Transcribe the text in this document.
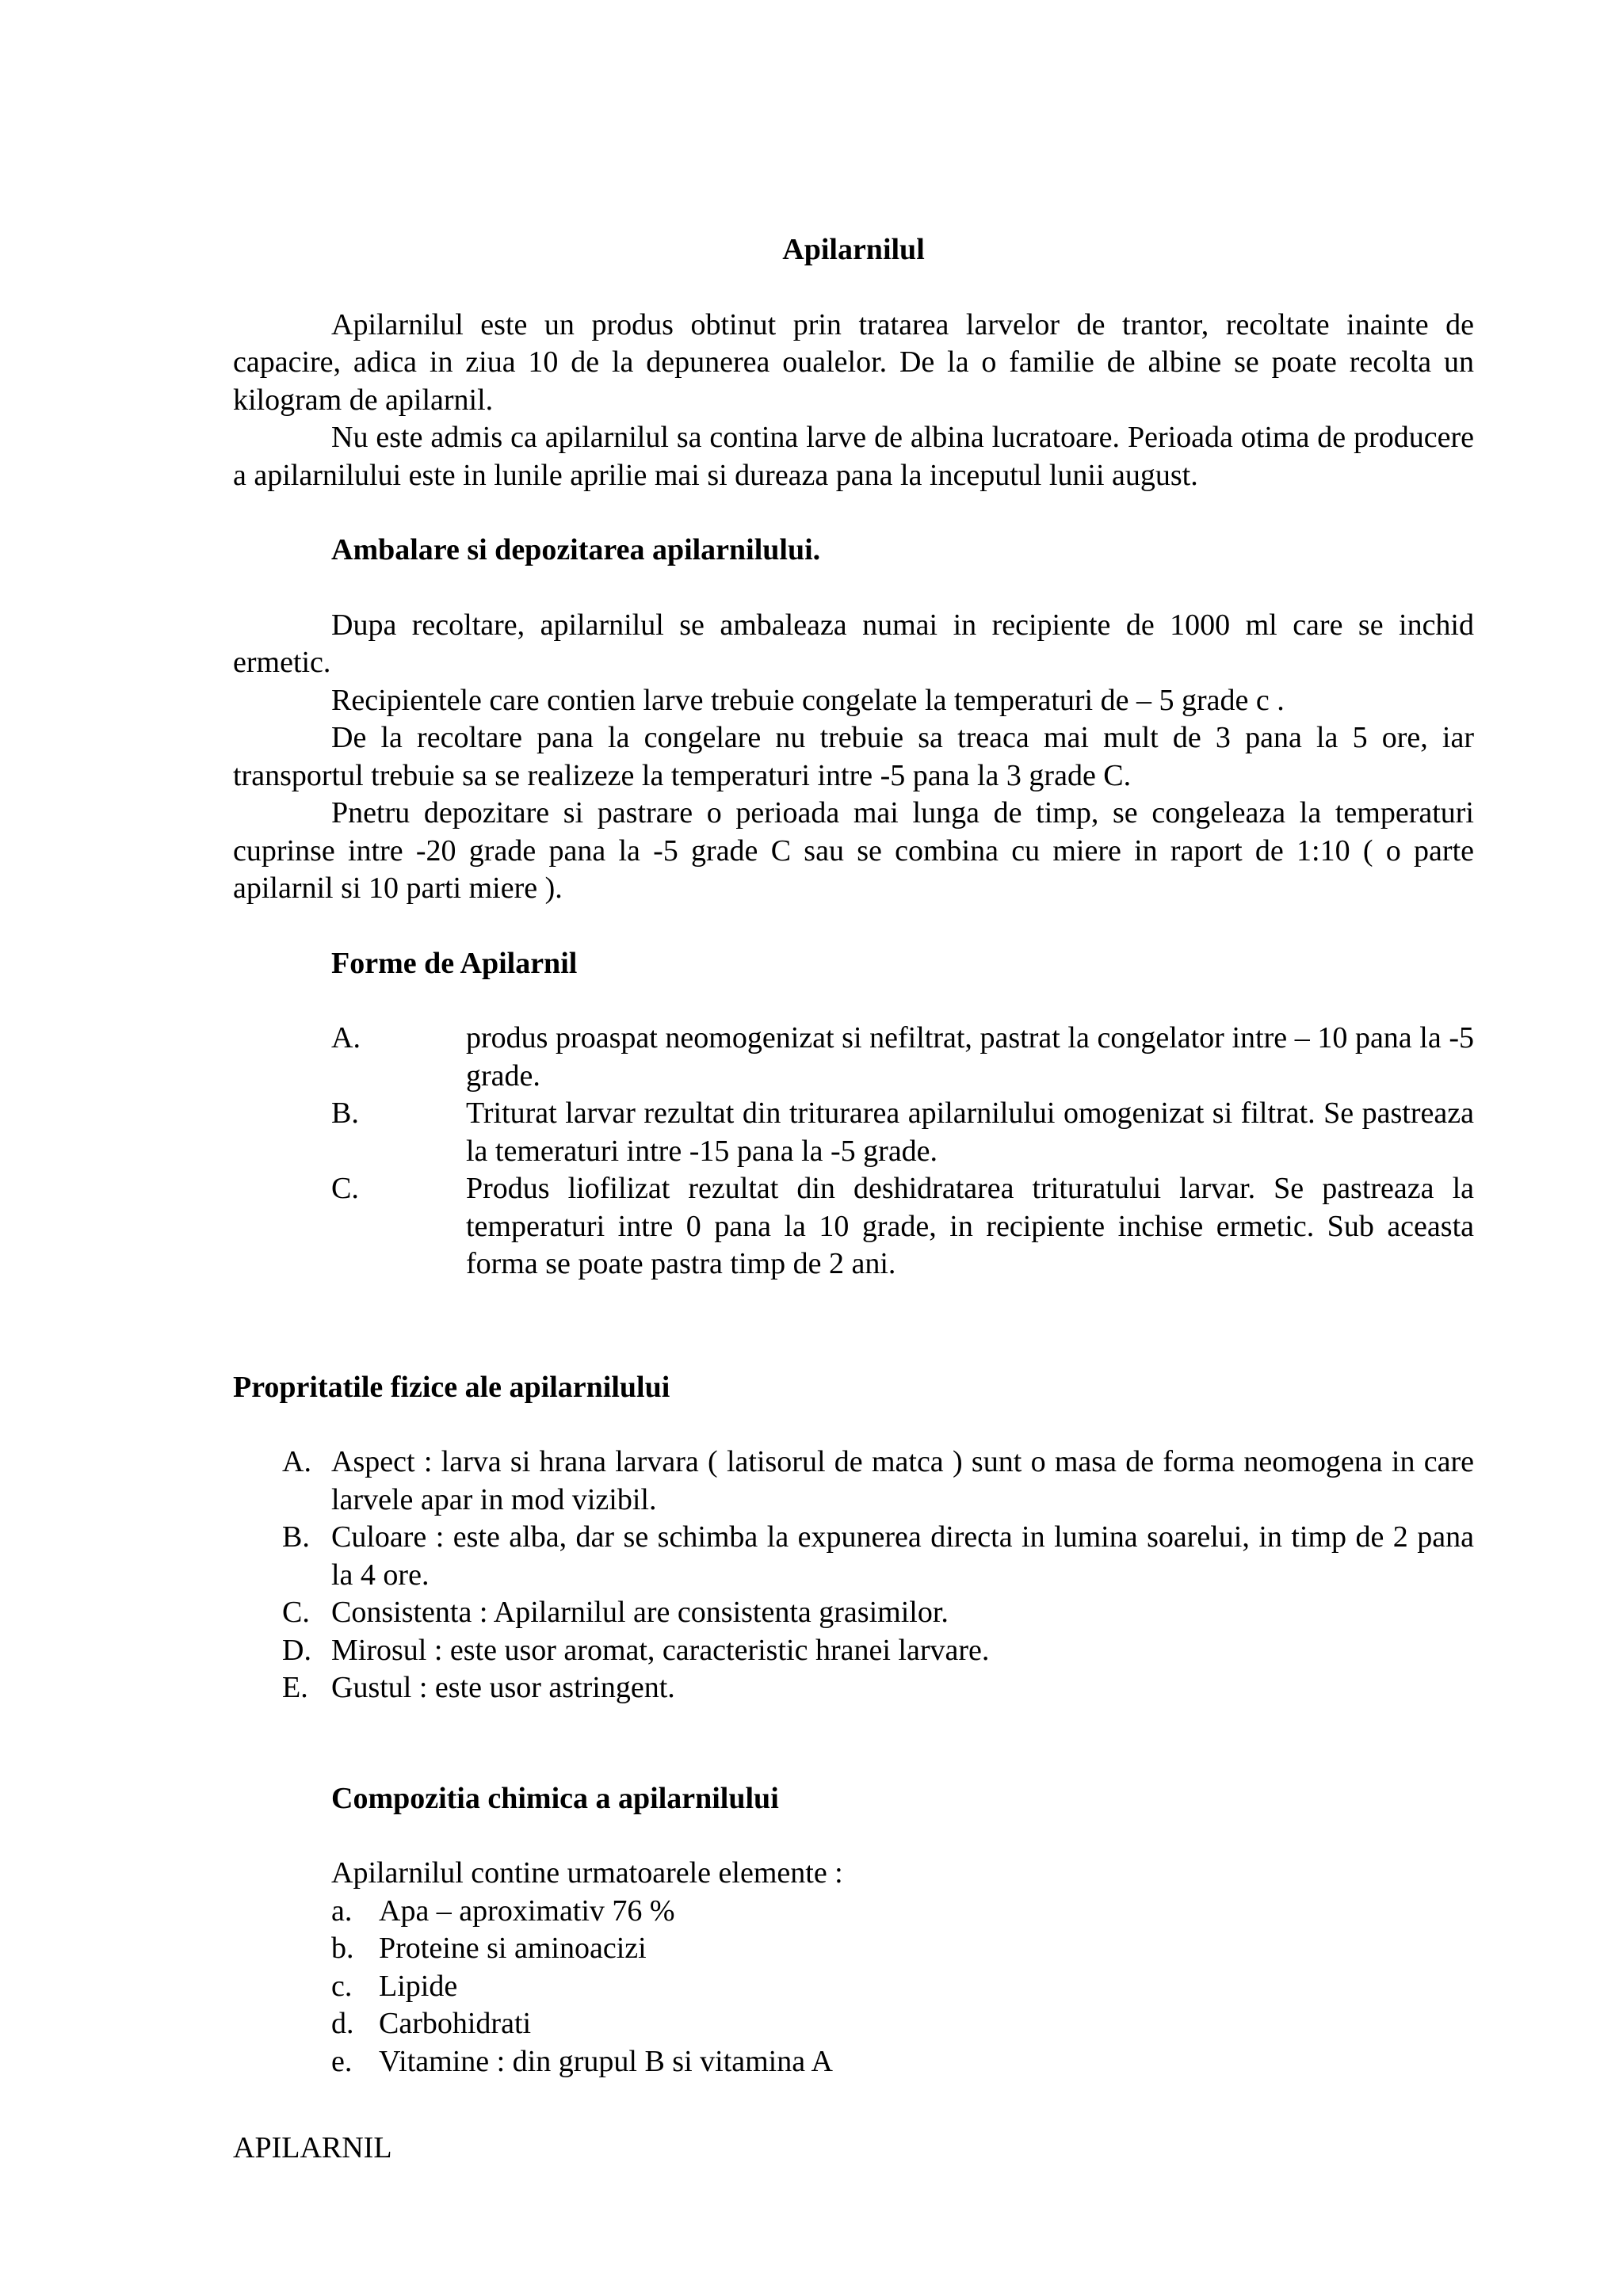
Apilarnilul

Apilarnilul este un produs obtinut prin tratarea larvelor de trantor, recoltate inainte de capacire, adica in ziua 10 de la depunerea oualelor. De la o familie de albine se poate recolta un kilogram de apilarnil.

Nu este admis ca apilarnilul sa contina larve de albina lucratoare. Perioada otima de producere a apilarnilului este in lunile aprilie mai si dureaza pana la inceputul lunii august.

Ambalare si depozitarea apilarnilului.

Dupa recoltare, apilarnilul se ambaleaza numai in recipiente de 1000 ml care se inchid ermetic.

Recipientele care contien larve trebuie congelate la temperaturi de – 5 grade c .

De la recoltare pana la congelare nu trebuie sa treaca mai mult de 3 pana la 5 ore, iar transportul trebuie sa se realizeze la temperaturi intre -5 pana la 3 grade C.

Pnetru depozitare si pastrare o perioada mai lunga de timp, se congeleaza la temperaturi cuprinse intre -20 grade pana la -5 grade C sau se combina cu miere in raport de 1:10 ( o parte apilarnil si 10 parti miere ).

Forme de Apilarnil

A.	produs proaspat neomogenizat si nefiltrat, pastrat la congelator intre – 10 pana la -5 grade.
B.	Triturat larvar rezultat din triturarea apilarnilului omogenizat si filtrat. Se pastreaza la temeraturi intre -15 pana la -5 grade.
C.	Produs liofilizat rezultat din deshidratarea trituratului larvar. Se pastreaza la temperaturi intre 0 pana la 10 grade, in recipiente inchise ermetic. Sub aceasta forma se poate pastra timp de 2 ani.

Propritatile fizice ale apilarnilului

A. Aspect : larva si hrana larvara ( latisorul de matca ) sunt o masa de forma neomogena in care larvele apar in mod vizibil.
B. Culoare : este alba, dar se schimba la expunerea directa in lumina soarelui, in timp de 2 pana la 4 ore.
C. Consistenta : Apilarnilul are consistenta grasimilor.
D. Mirosul : este usor aromat, caracteristic hranei larvare.
E. Gustul : este usor astringent.

Compozitia chimica a apilarnilului

Apilarnilul contine urmatoarele elemente :

a. Apa – aproximativ 76 %
b. Proteine si aminoacizi
c. Lipide
d. Carbohidrati
e. Vitamine : din grupul B si vitamina A

APILARNIL
